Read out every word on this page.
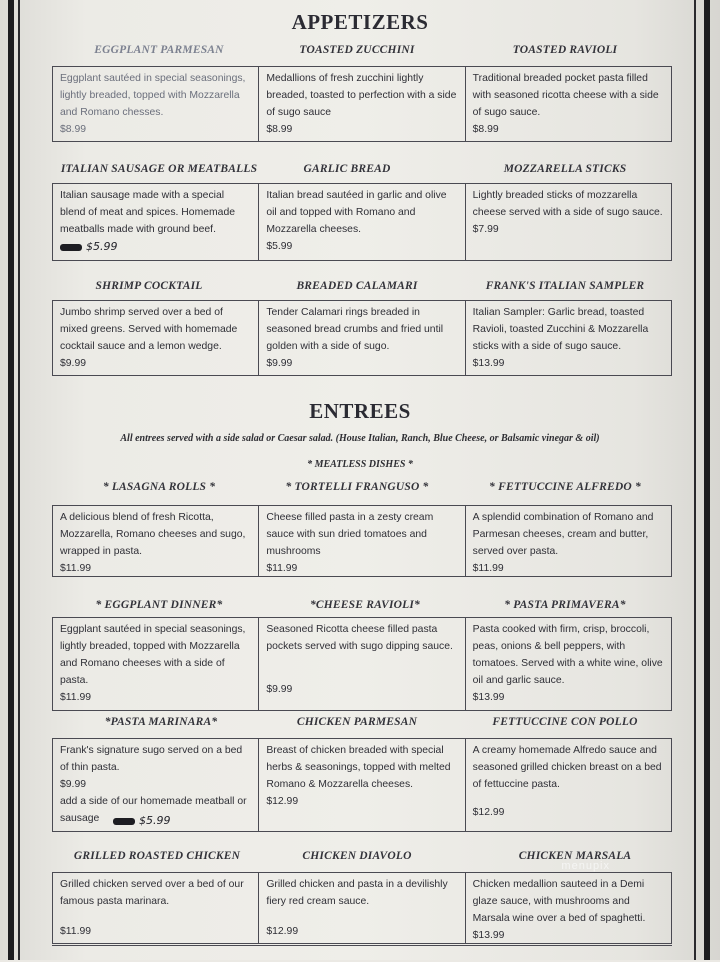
APPETIZERS
EGGPLANT PARMESAN	TOASTED ZUCCHINI	TOASTED RAVIOLI
Eggplant sautéed in special seasonings, lightly breaded, topped with Mozzarella and Romano chesses.
$8.99
Medallions of fresh zucchini lightly breaded, toasted to perfection with a side of sugo sauce
$8.99
Traditional breaded pocket pasta filled with seasoned ricotta cheese with a side of sugo sauce.
$8.99
ITALIAN SAUSAGE OR MEATBALLS	GARLIC BREAD	MOZZARELLA STICKS
Italian sausage made with a special blend of meat and spices. Homemade meatballs made with ground beef.
$5.99
Italian bread sautéed in garlic and olive oil and topped with Romano and Mozzarella cheeses.
$5.99
Lightly breaded sticks of mozzarella cheese served with a side of sugo sauce.
$7.99
SHRIMP COCKTAIL	BREADED CALAMARI	FRANK'S ITALIAN SAMPLER
Jumbo shrimp served over a bed of mixed greens. Served with homemade cocktail sauce and a lemon wedge.
$9.99
Tender Calamari rings breaded in seasoned bread crumbs and fried until golden with a side of sugo.
$9.99
Italian Sampler: Garlic bread, toasted Ravioli, toasted Zucchini & Mozzarella sticks with a side of sugo sauce.
$13.99
ENTREES
All entrees served with a side salad or Caesar salad. (House Italian, Ranch, Blue Cheese, or Balsamic vinegar & oil)
* MEATLESS DISHES *
* LASAGNA ROLLS *	* TORTELLI FRANGUSO *	* FETTUCCINE ALFREDO *
A delicious blend of fresh Ricotta, Mozzarella, Romano cheeses and sugo, wrapped in pasta.
$11.99
Cheese filled pasta in a zesty cream sauce with sun dried tomatoes and mushrooms
$11.99
A splendid combination of Romano and Parmesan cheeses, cream and butter, served over pasta.
$11.99
* EGGPLANT DINNER*	*CHEESE RAVIOLI*	* PASTA PRIMAVERA*
Eggplant sautéed in special seasonings, lightly breaded, topped with Mozzarella and Romano cheeses with a side of pasta.
$11.99
Seasoned Ricotta cheese filled pasta pockets served with sugo dipping sauce.
$9.99
Pasta cooked with firm, crisp, broccoli, peas, onions & bell peppers, with tomatoes. Served with a white wine, olive oil and garlic sauce.
$13.99
*PASTA MARINARA*	CHICKEN PARMESAN	FETTUCCINE CON POLLO
Frank's signature sugo served on a bed of thin pasta.
$9.99
add a side of our homemade meatball or sausage	$5.99
Breast of chicken breaded with special herbs & seasonings, topped with melted Romano & Mozzarella cheeses.
$12.99
A creamy homemade Alfredo sauce and seasoned grilled chicken breast on a bed of fettuccine pasta.
$12.99
GRILLED ROASTED CHICKEN	CHICKEN DIAVOLO	CHICKEN MARSALA
Grilled chicken served over a bed of our famous pasta marinara.
$11.99
Grilled chicken and pasta in a devilishly fiery red cream sauce.
$12.99
Chicken medallion sauteed in a Demi glaze sauce, with mushrooms and Marsala wine over a bed of spaghetti.
$13.99
menupix
